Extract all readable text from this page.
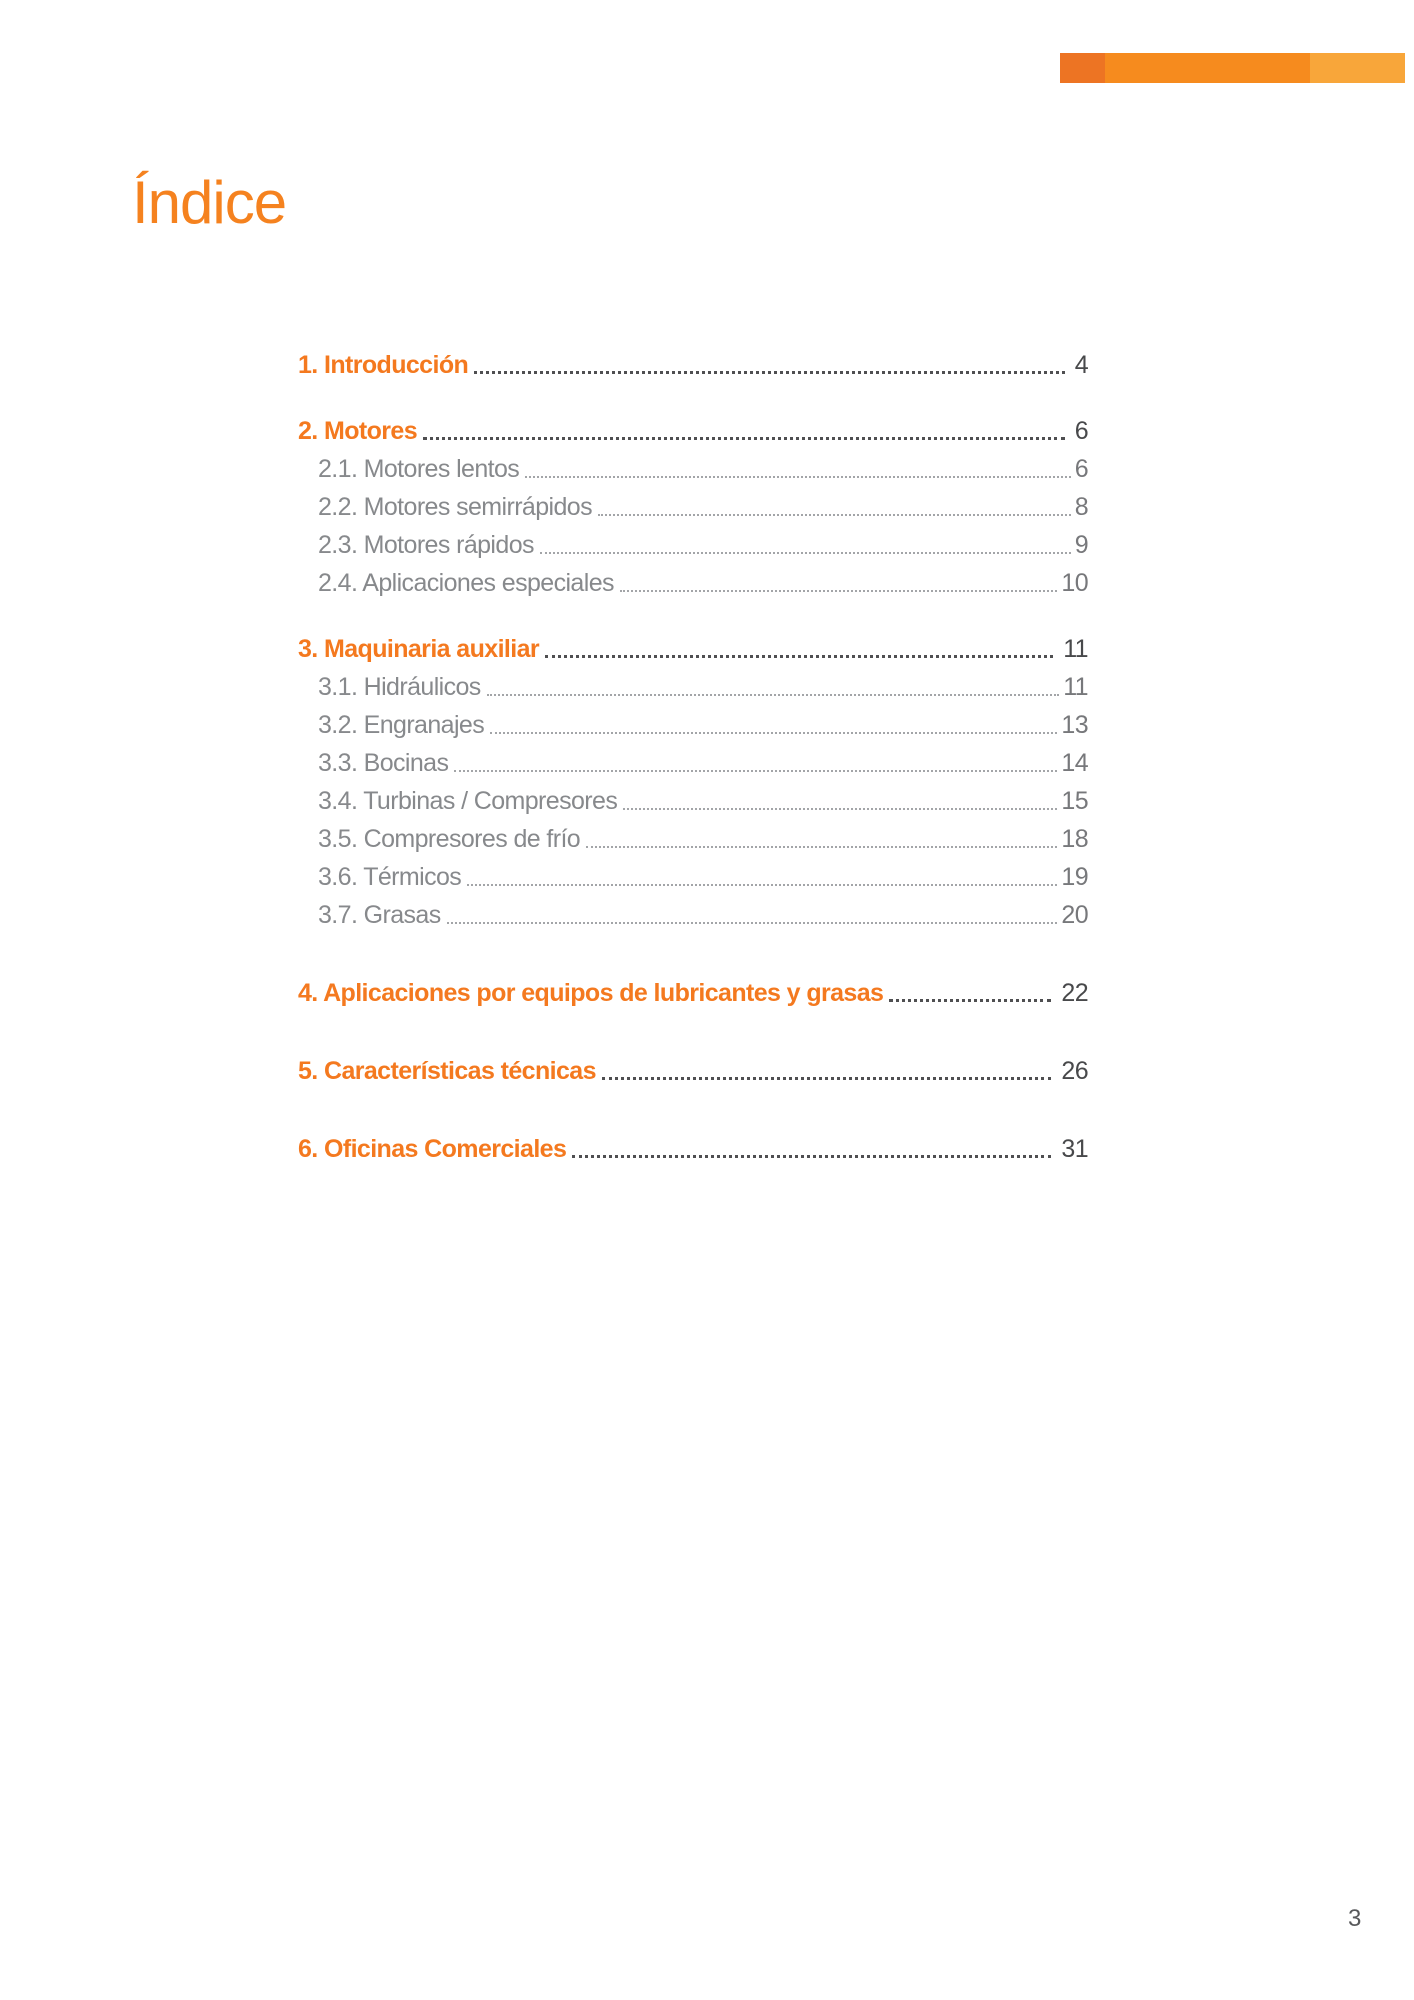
Índice
1. Introducción	4
2. Motores	6
2.1. Motores lentos	6
2.2. Motores semirrápidos	8
2.3. Motores rápidos	9
2.4. Aplicaciones especiales	10
3. Maquinaria auxiliar	11
3.1. Hidráulicos	11
3.2. Engranajes	13
3.3. Bocinas	14
3.4. Turbinas / Compresores	15
3.5. Compresores de frío	18
3.6. Térmicos	19
3.7. Grasas	20
4. Aplicaciones por equipos de lubricantes y grasas	22
5. Características técnicas	26
6. Oficinas Comerciales	31
3
